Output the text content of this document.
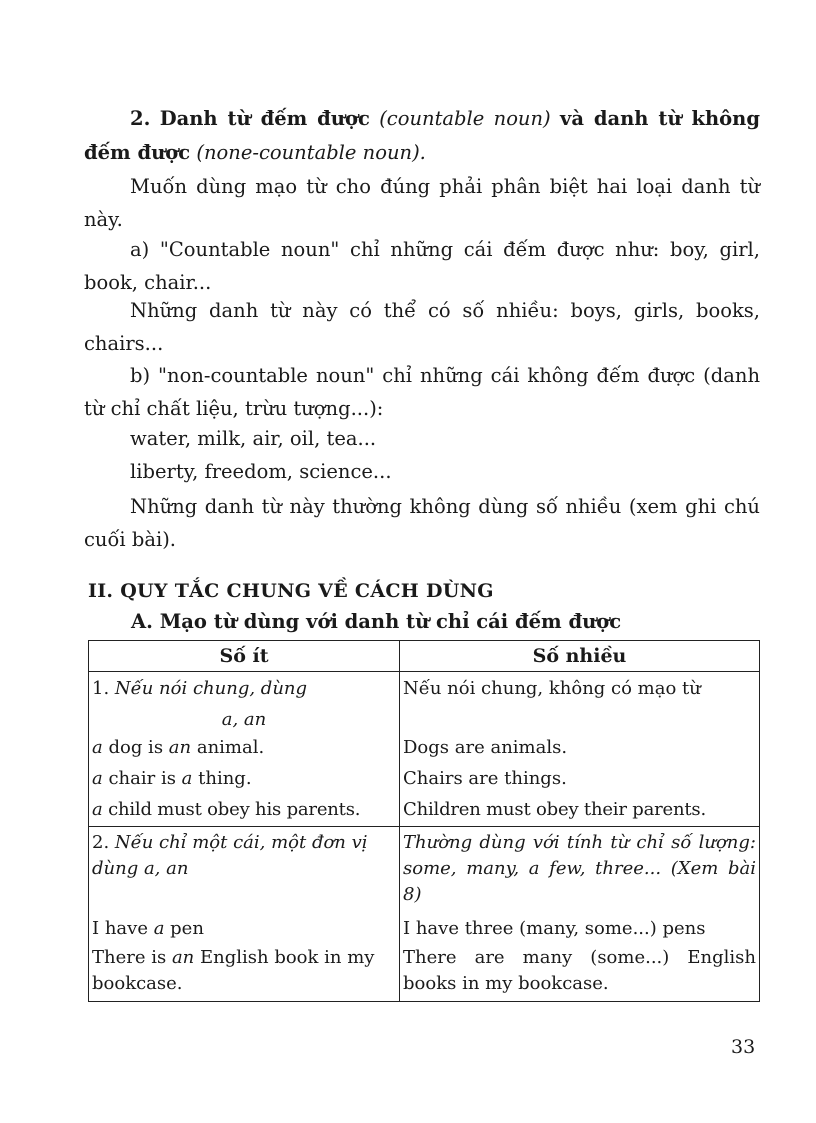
2. Danh từ đếm được (countable noun) và danh từ không đếm được (none-countable noun).

Muốn dùng mạo từ cho đúng phải phân biệt hai loại danh từ này.

a) "Countable noun" chỉ những cái đếm được như: boy, girl, book, chair...

Những danh từ này có thể có số nhiều: boys, girls, books, chairs...

b) "non-countable noun" chỉ những cái không đếm được (danh từ chỉ chất liệu, trừu tượng...):

water, milk, air, oil, tea...

liberty, freedom, science...

Những danh từ này thường không dùng số nhiều (xem ghi chú cuối bài).

II. QUY TẮC CHUNG VỀ CÁCH DÙNG
A. Mạo từ dùng với danh từ chỉ cái đếm được
Số ít	Số nhiều
1. Nếu nói chung, dùng
a, an	Nếu nói chung, không có mạo từ
a dog is an animal.	Dogs are animals.
a chair is a thing.	Chairs are things.
a child must obey his parents.	Children must obey their parents.
2. Nếu chỉ một cái, một đơn vị
dùng a, an	Thường dùng với tính từ chỉ số lượng: some, many, a few, three... (Xem bài 8)
I have a pen	I have three (many, some...) pens
There is an English book in my bookcase.	There are many (some...) English books in my bookcase.

33
